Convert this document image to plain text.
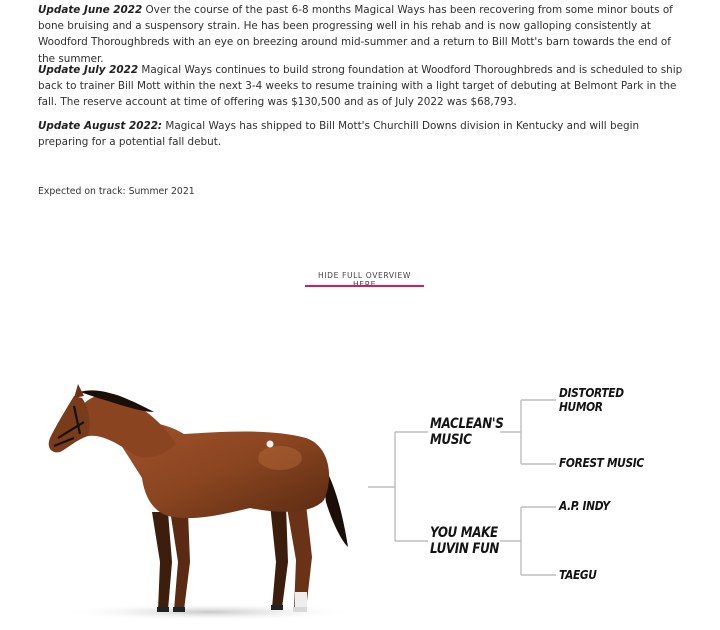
Update June 2022 Over the course of the past 6-8 months Magical Ways has been recovering from some minor bouts of bone bruising and a suspensory strain. He has been progressing well in his rehab and is now galloping consistently at Woodford Thoroughbreds with an eye on breezing around mid-summer and a return to Bill Mott's barn towards the end of the summer.

Update July 2022 Magical Ways continues to build strong foundation at Woodford Thoroughbreds and is scheduled to ship back to trainer Bill Mott within the next 3-4 weeks to resume training with a light target of debuting at Belmont Park in the fall. The reserve account at time of offering was $130,500 and as of July 2022 was $68,793.

Update August 2022: Magical Ways has shipped to Bill Mott's Churchill Downs division in Kentucky and will begin preparing for a potential fall debut.

Expected on track: Summer 2021
HIDE FULL OVERVIEW
MACLEAN'S MUSIC
YOU MAKE LUVIN FUN
DISTORTED HUMOR
FOREST MUSIC
A.P. INDY
TAEGU
